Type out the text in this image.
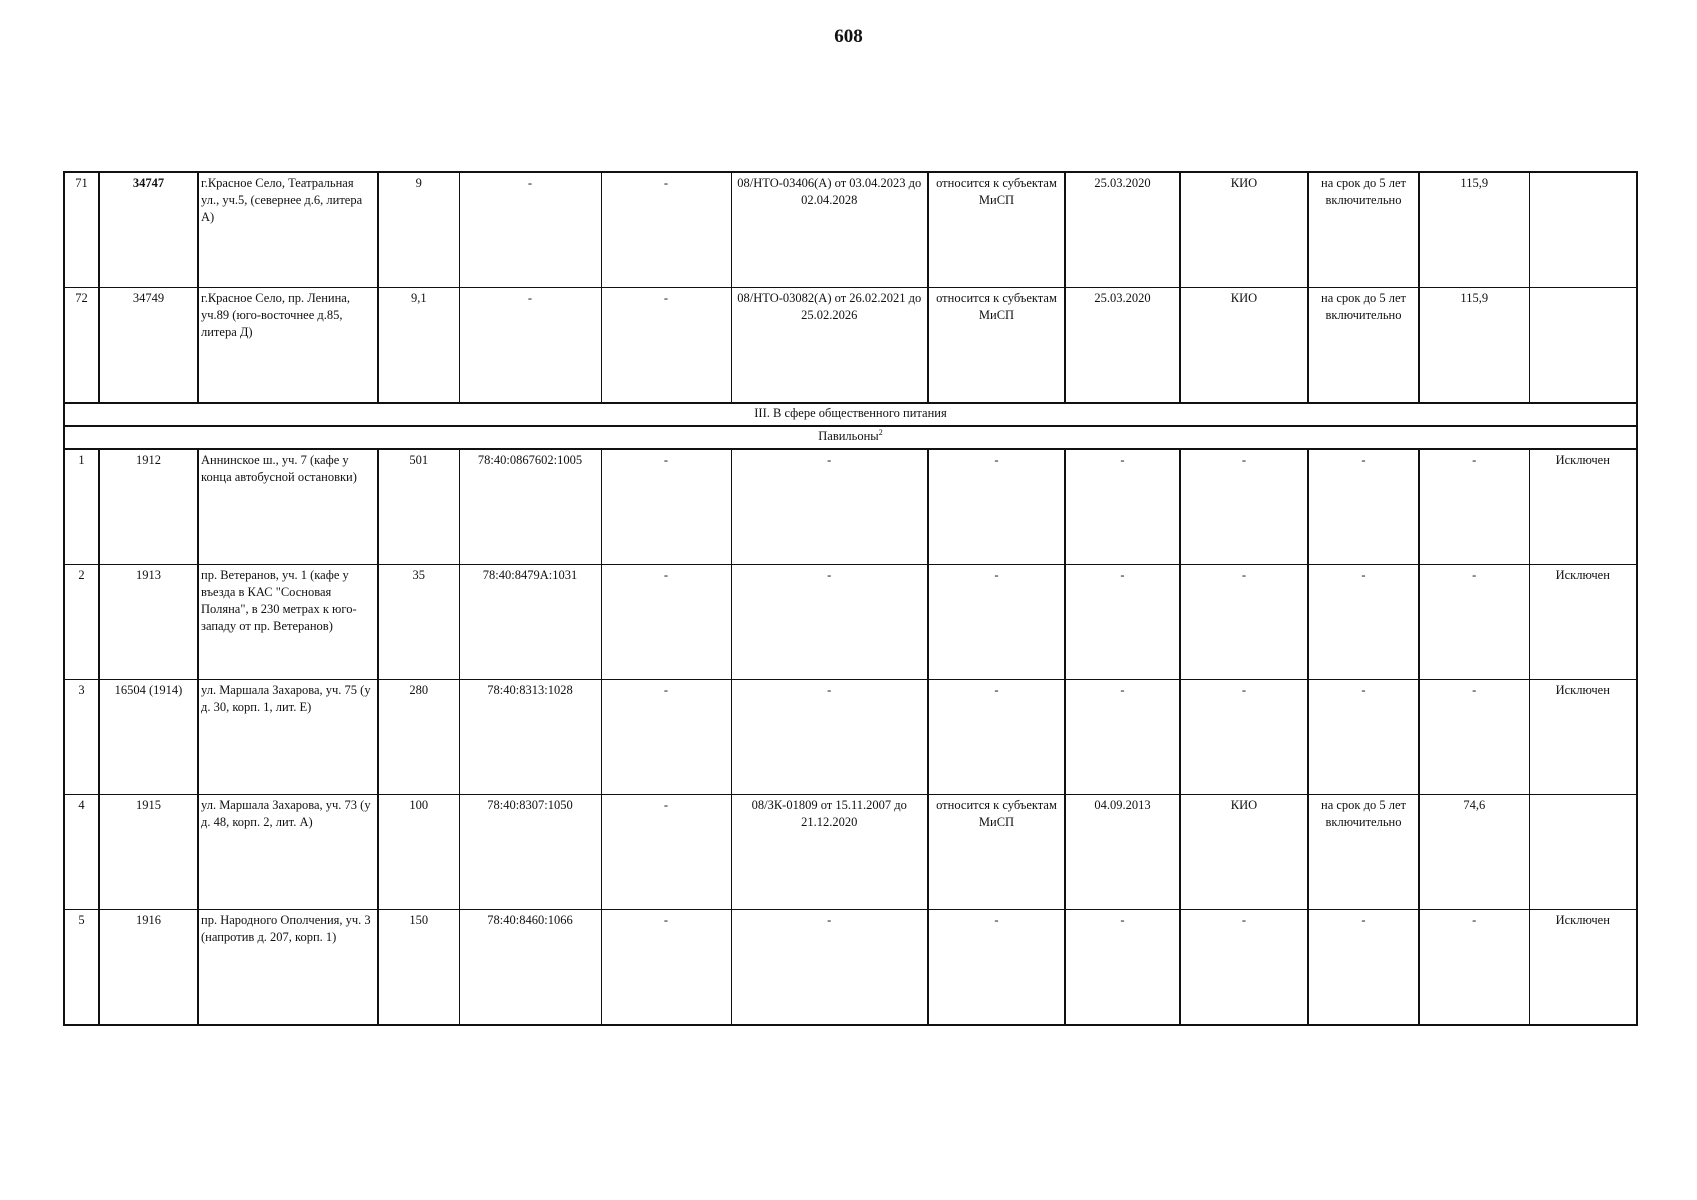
608
71	34747	г.Красное Село, Театральная ул., уч.5, (севернее д.6, литера А)	9	-	-	08/НТО-03406(А) от 03.04.2023 до 02.04.2028	относится к субъектам МиСП	25.03.2020	КИО	на срок до 5 лет включительно	115,9	
72	34749	г.Красное Село, пр. Ленина, уч.89 (юго-восточнее д.85, литера Д)	9,1	-	-	08/НТО-03082(А) от 26.02.2021 до 25.02.2026	относится к субъектам МиСП	25.03.2020	КИО	на срок до 5 лет включительно	115,9	
III. В сфере общественного питания												
Павильоны$^2$
1	1912	Аннинское ш., уч. 7 (кафе у конца автобусной остановки)	501	78:40:0867602:1005	-	-	-	-	-	-	-	Исключен
2	1913	пр. Ветеранов, уч. 1 (кафе у въезда в КАС "Сосновая Поляна", в 230 метрах к юго-западу от пр. Ветеранов)	35	78:40:8479А:1031	-	-	-	-	-	-	-	Исключен
3	16504 (1914)	ул. Маршала Захарова, уч. 75 (у д. 30, корп. 1, лит. Е)	280	78:40:8313:1028	-	-	-	-	-	-	-	Исключен
4	1915	ул. Маршала Захарова, уч. 73 (у д. 48, корп. 2, лит. А)	100	78:40:8307:1050	-	08/ЗК-01809 от 15.11.2007 до 21.12.2020	относится к субъектам МиСП	04.09.2013	КИО	на срок до 5 лет включительно	74,6	
5	1916	пр. Народного Ополчения, уч. 3 (напротив д. 207, корп. 1)	150	78:40:8460:1066	-	-	-	-	-	-	-	Исключен
